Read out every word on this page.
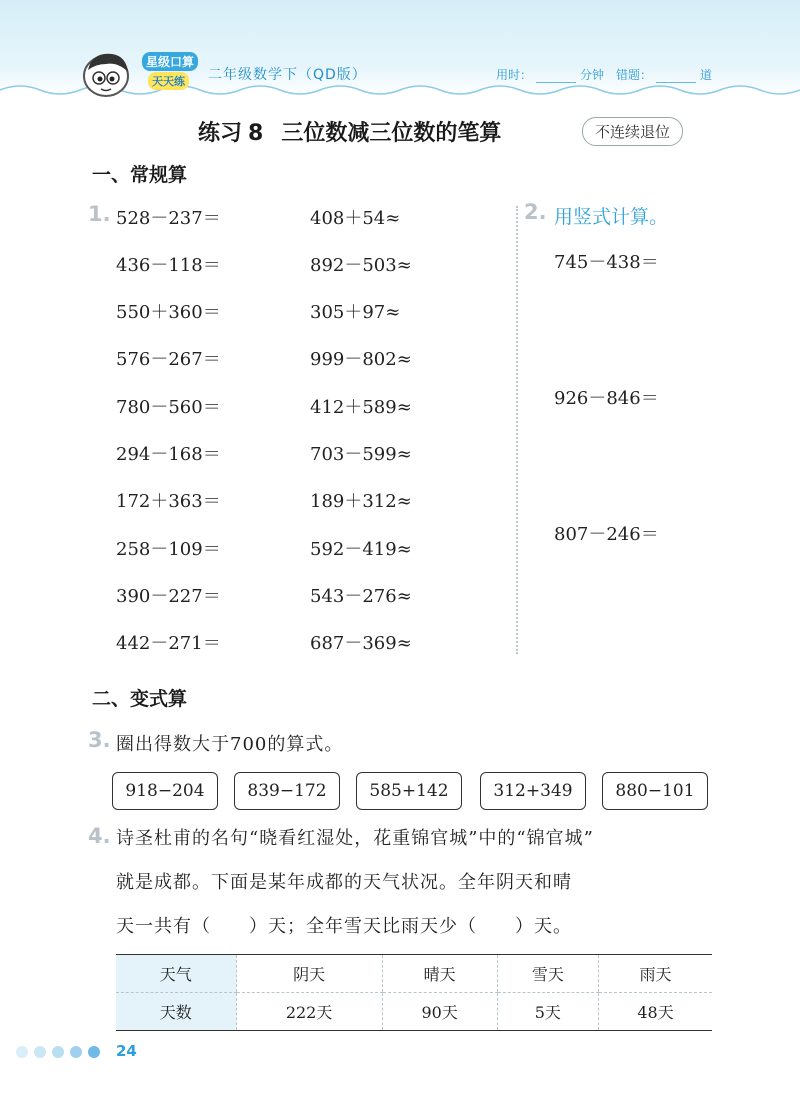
星级口算
天天练 二年级数学下（QD版）	用时：	分钟 错题：	道
练习 8 三位数减三位数的笔算	不连续退位
一、常规算
1. 528－237＝
436－118＝
550＋360＝
576－267＝
780－560＝
294－168＝
172＋363＝
258－109＝
390－227＝
442－271＝
408＋54≈
892－503≈
305＋97≈
999－802≈
412＋589≈
703－599≈
189＋312≈
592－419≈
543－276≈
687－369≈
2. 用竖式计算。
745－438＝
926－846＝
807－246＝
二、变式算
3. 圈出得数大于700的算式。
918−204	839−172	585+142	312+349	880−101
4. 诗圣杜甫的名句“晓看红湿处，花重锦官城”中的“锦官城”
就是成都。下面是某年成都的天气状况。全年阴天和晴
天一共有（　　）天；全年雪天比雨天少（　　）天。
天气	阴天	晴天	雪天	雨天
天数	222天	90天	5天	48天
24
